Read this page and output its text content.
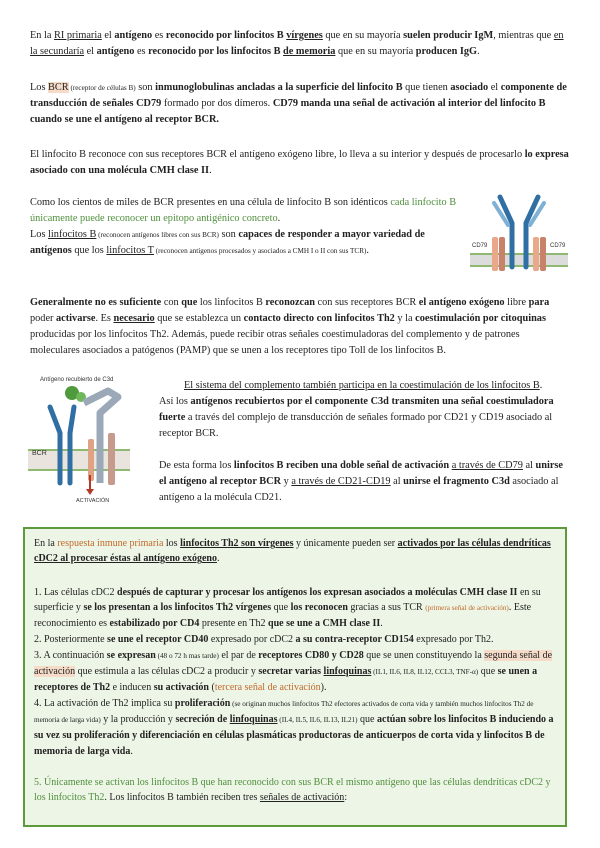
En la RI primaria el antígeno es reconocido por linfocitos B vírgenes que en su mayoría suelen producir IgM, mientras que en la secundaría el antígeno es reconocido por los linfocitos B de memoria que en su mayoría producen IgG.

Los BCR (receptor de células B) son inmunoglobulinas ancladas a la superficie del linfocito B que tienen asociado el componente de transducción de señales CD79 formado por dos dímeros. CD79 manda una señal de activación al interior del linfocito B cuando se une el antígeno al receptor BCR.

El linfocito B reconoce con sus receptores BCR el antígeno exógeno libre, lo lleva a su interior y después de procesarlo lo expresa asociado con una molécula CMH clase II.

Como los cientos de miles de BCR presentes en una célula de linfocito B son idénticos cada linfocito B únicamente puede reconocer un epitopo antigénico concreto.
Los linfocitos B (reconocen antígenos libres con sus BCR) son capaces de responder a mayor variedad de antígenos que los linfocitos T (reconocen antígenos procesados y asociados a CMH I o II con sus TCR).	CD79	CD79

Generalmente no es suficiente con que los linfocitos B reconozcan con sus receptores BCR el antígeno exógeno libre para poder activarse. Es necesario que se establezca un contacto directo con linfocitos Th2 y la coestimulación por citoquinas producidas por los linfocitos Th2. Además, puede recibir otras señales coestimuladoras del complemento y de patrones moleculares asociados a patógenos (PAMP) que se unen a los receptores tipo Toll de los linfocitos B.

Antígeno recubierto de C3d
BCR
ACTIVACIÓN

El sistema del complemento también participa en la coestimulación de los linfocitos B.
Así los antígenos recubiertos por el componente C3d transmiten una señal coestimuladora fuerte a través del complejo de transducción de señales formado por CD21 y CD19 asociado al receptor BCR.

De esta forma los linfocitos B reciben una doble señal de activación a través de CD79 al unirse el antígeno al receptor BCR y a través de CD21-CD19 al unirse el fragmento C3d asociado al antígeno a la molécula CD21.

En la respuesta inmune primaria los linfocitos Th2 son vírgenes y únicamente pueden ser activados por las células dendríticas cDC2 al procesar éstas al antígeno exógeno.

1. Las células cDC2 después de capturar y procesar los antígenos los expresan asociados a moléculas CMH clase II en su superficie y se los presentan a los linfocitos Th2 vírgenes que los reconocen gracias a sus TCR (primera señal de activación). Este reconocimiento es estabilizado por CD4 presente en Th2 que se une a CMH clase II.

2. Posteriormente se une el receptor CD40 expresado por cDC2 a su contra-receptor CD154 expresado por Th2.

3. A continuación se expresan (48 o 72 h mas tarde) el par de receptores CD80 y CD28 que se unen constituyendo la segunda señal de activación que estimula a las células cDC2 a producir y secretar varias linfoquinas (IL1, IL6, IL8, IL12, CCL3, TNF-α) que se unen a receptores de Th2 e inducen su activación (tercera señal de activación).

4. La activación de Th2 implica su proliferación (se originan muchos linfocitos Th2 efectores activados de corta vida y también muchos linfocitos Th2 de memoria de larga vida) y la producción y secreción de linfoquinas (IL4, IL5, IL6, IL13, IL21) que actúan sobre los linfocitos B induciendo a su vez su proliferación y diferenciación en células plasmáticas productoras de anticuerpos de corta vida y linfocitos B de memoria de larga vida.

5. Únicamente se activan los linfocitos B que han reconocido con sus BCR el mismo antígeno que las células dendríticas cDC2 y los linfocitos Th2. Los linfocitos B también reciben tres señales de activación:
